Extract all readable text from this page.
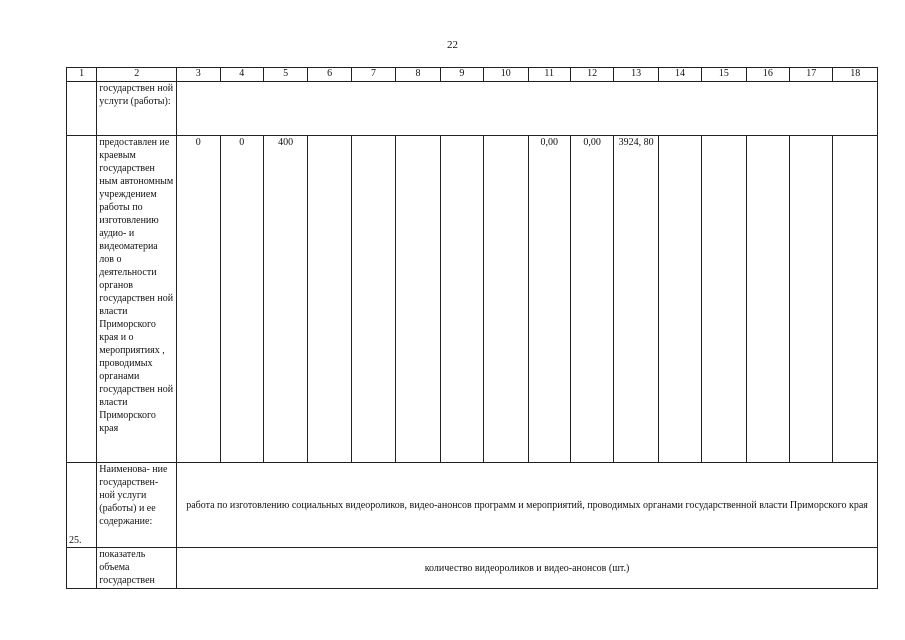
22
1	2	3	4	5	6	7	8	9	10	11	12	13	14	15	16	17	18
	государствен ной услуги (работы):																
	предоставлен ие краевым государствен ным автономным учреждением работы по изготовлению аудио- и видеоматериа лов о деятельности органов государствен ной власти Приморского края и о мероприятиях , проводимых органами государствен ной власти Приморского края	0	0	400						0,00	0,00	3924, 80					
25.	Наименова- ние государствен- ной услуги (работы) и ее содержание:	работа по изготовлению социальных видеороликов, видео-анонсов программ и мероприятий, проводимых органами государственной власти Приморского края															
	показатель объема государствен	количество видеороликов и видео-анонсов (шт.)															
